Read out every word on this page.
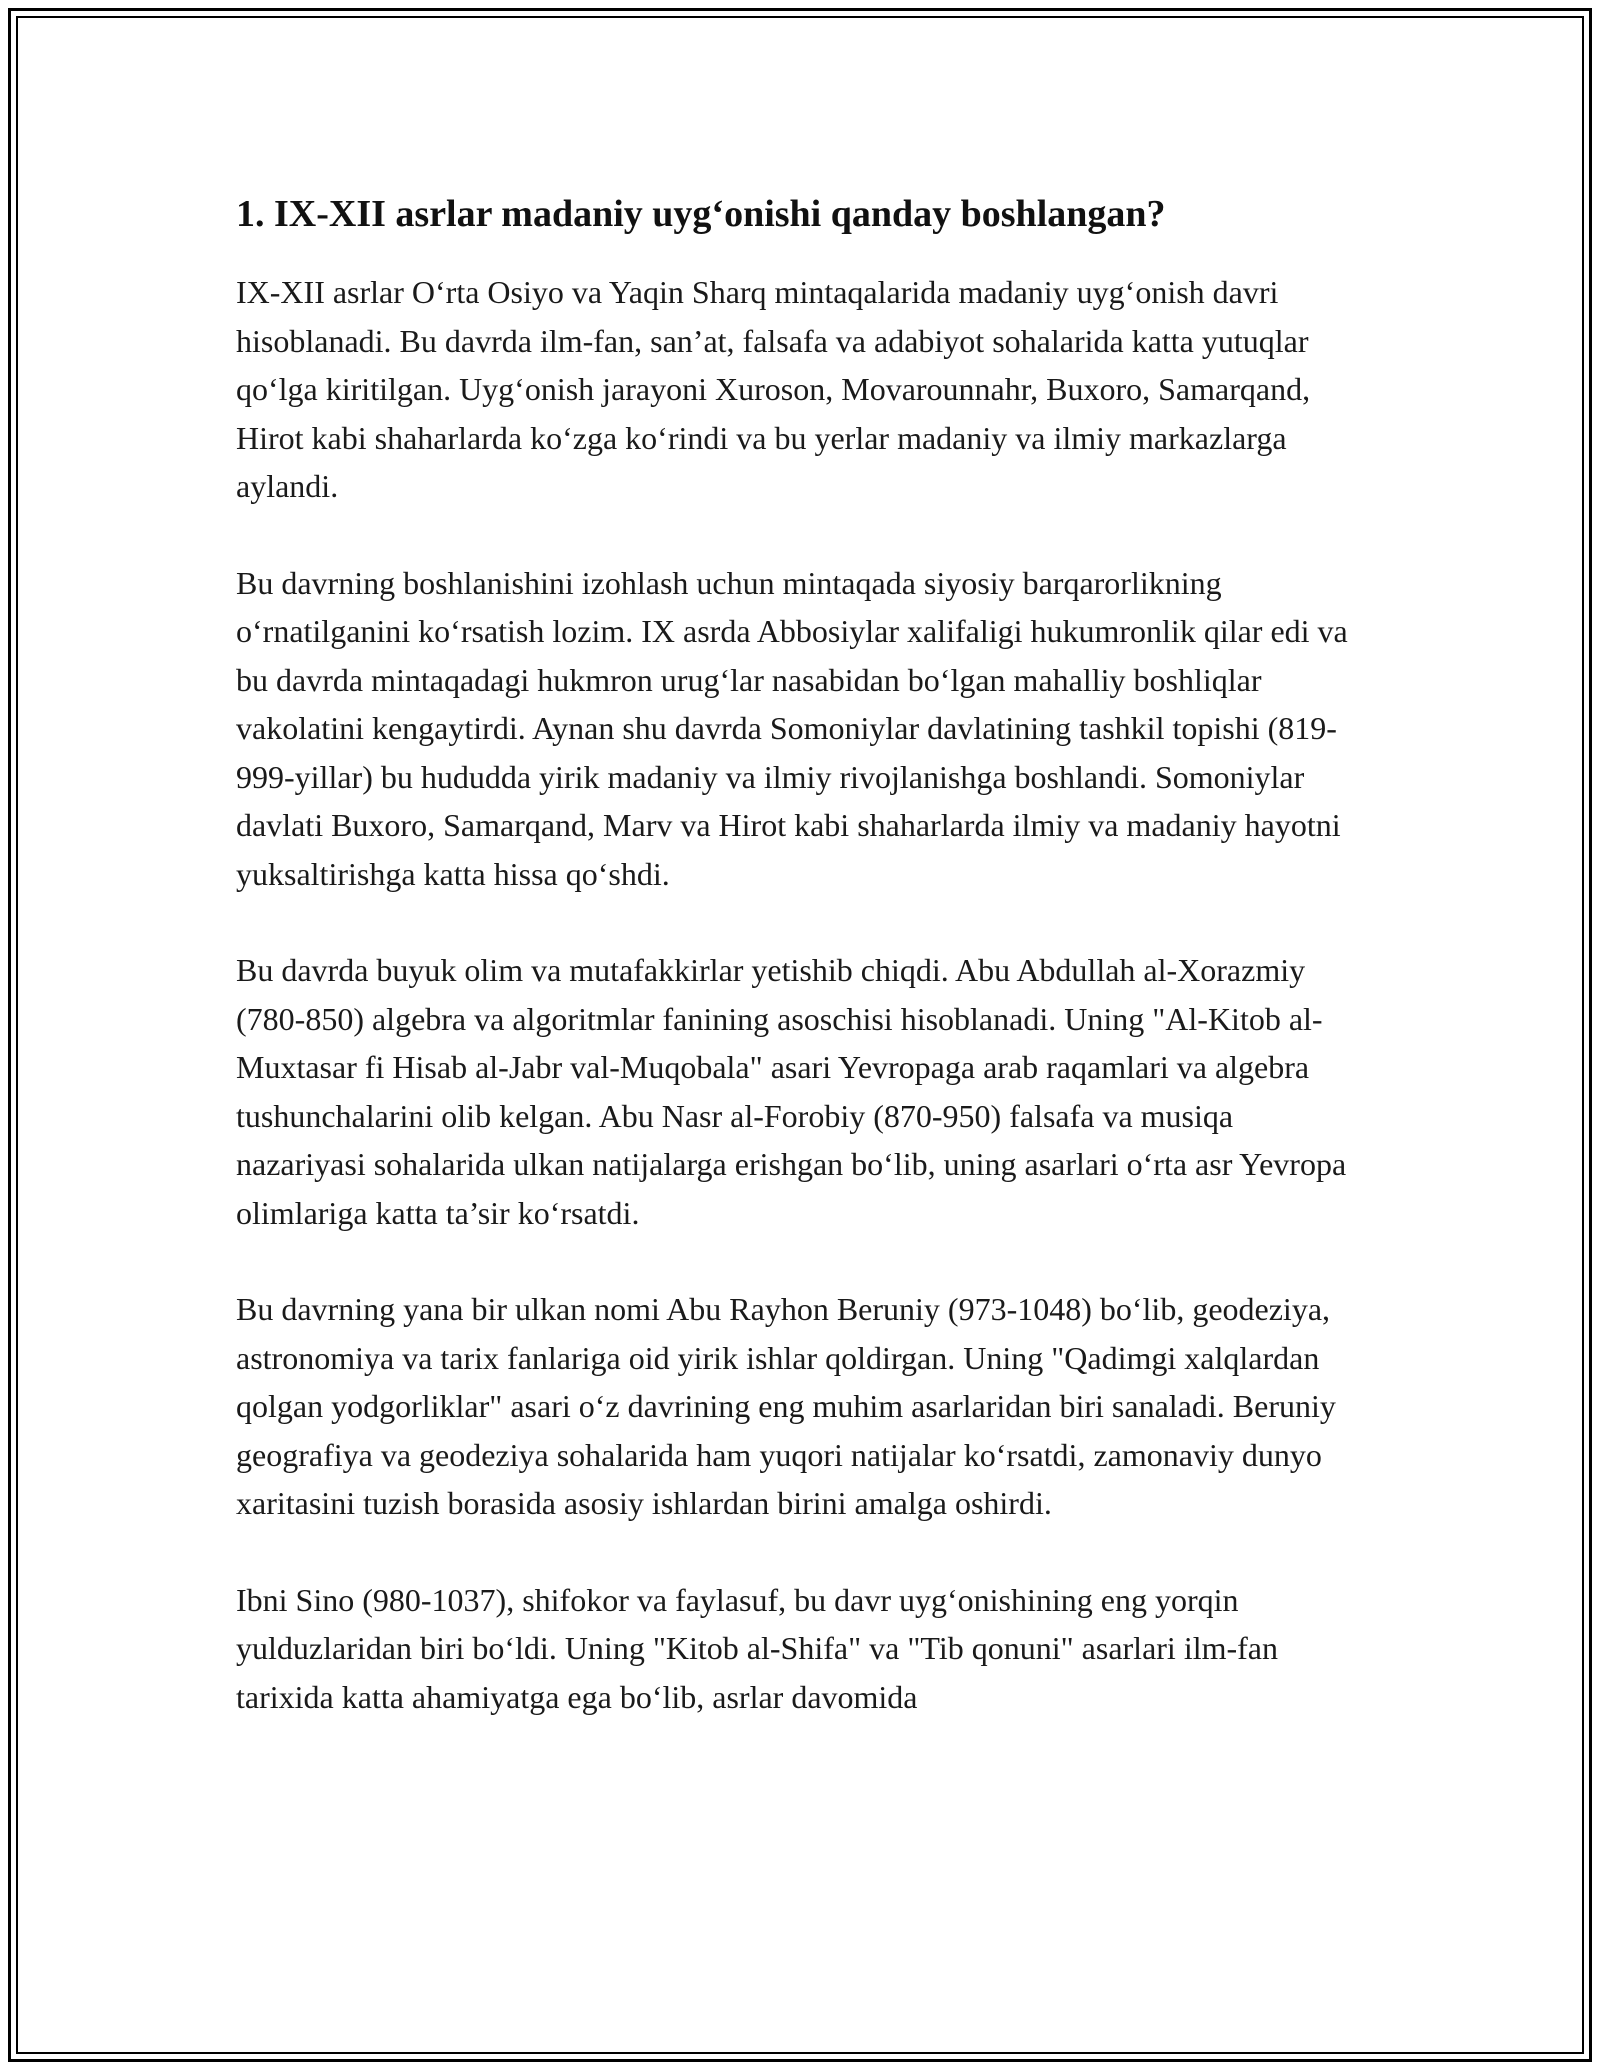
1. IX-XII asrlar madaniy uyg‘onishi qanday boshlangan?

IX-XII asrlar O‘rta Osiyo va Yaqin Sharq mintaqalarida madaniy uyg‘onish davri hisoblanadi. Bu davrda ilm-fan, san’at, falsafa va adabiyot sohalarida katta yutuqlar qo‘lga kiritilgan. Uyg‘onish jarayoni Xuroson, Movarounnahr, Buxoro, Samarqand, Hirot kabi shaharlarda ko‘zga ko‘rindi va bu yerlar madaniy va ilmiy markazlarga aylandi.

Bu davrning boshlanishini izohlash uchun mintaqada siyosiy barqarorlikning o‘rnatilganini ko‘rsatish lozim. IX asrda Abbosiylar xalifaligi hukumronlik qilar edi va bu davrda mintaqadagi hukmron urug‘lar nasabidan bo‘lgan mahalliy boshliqlar vakolatini kengaytirdi. Aynan shu davrda Somoniylar davlatining tashkil topishi (819-999-yillar) bu hududda yirik madaniy va ilmiy rivojlanishga boshlandi. Somoniylar davlati Buxoro, Samarqand, Marv va Hirot kabi shaharlarda ilmiy va madaniy hayotni yuksaltirishga katta hissa qo‘shdi.

Bu davrda buyuk olim va mutafakkirlar yetishib chiqdi. Abu Abdullah al-Xorazmiy (780-850) algebra va algoritmlar fanining asoschisi hisoblanadi. Uning "Al-Kitob al-Muxtasar fi Hisab al-Jabr val-Muqobala" asari Yevropaga arab raqamlari va algebra tushunchalarini olib kelgan. Abu Nasr al-Forobiy (870-950) falsafa va musiqa nazariyasi sohalarida ulkan natijalarga erishgan bo‘lib, uning asarlari o‘rta asr Yevropa olimlariga katta ta’sir ko‘rsatdi.

Bu davrning yana bir ulkan nomi Abu Rayhon Beruniy (973-1048) bo‘lib, geodeziya, astronomiya va tarix fanlariga oid yirik ishlar qoldirgan. Uning "Qadimgi xalqlardan qolgan yodgorliklar" asari o‘z davrining eng muhim asarlaridan biri sanaladi. Beruniy geografiya va geodeziya sohalarida ham yuqori natijalar ko‘rsatdi, zamonaviy dunyo xaritasini tuzish borasida asosiy ishlardan birini amalga oshirdi.

Ibni Sino (980-1037), shifokor va faylasuf, bu davr uyg‘onishining eng yorqin yulduzlaridan biri bo‘ldi. Uning "Kitob al-Shifa" va "Tib qonuni" asarlari ilm-fan tarixida katta ahamiyatga ega bo‘lib, asrlar davomida
